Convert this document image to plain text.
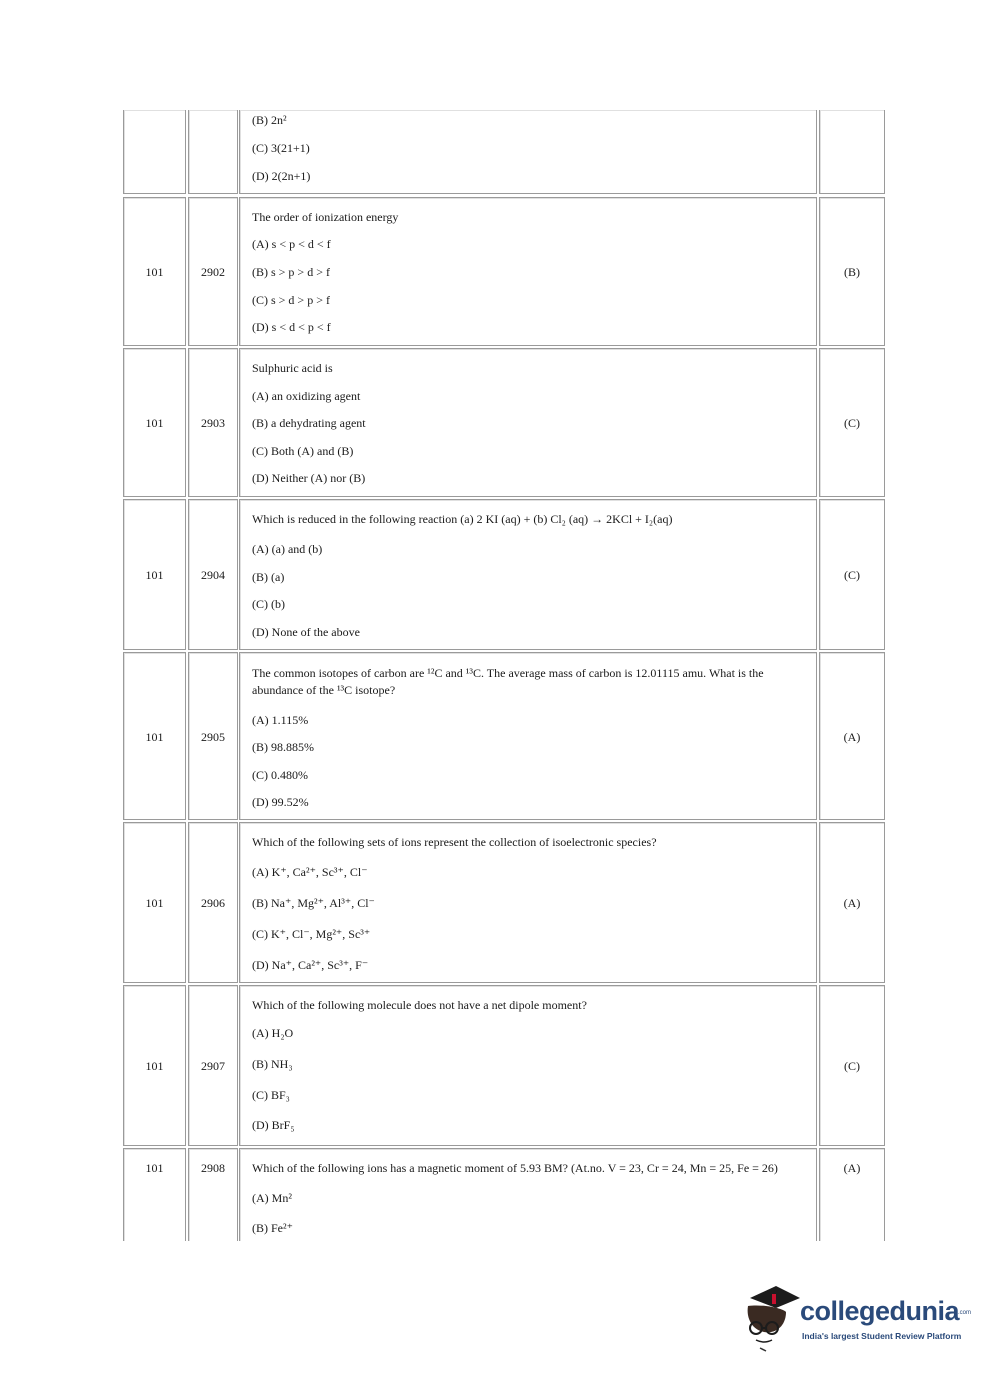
(B) 2n²
(C) 3(21+1)
(D) 2(2n+1)
101	2902
The order of ionization energy
(A) s < p < d < f
(B) s > p > d > f
(C) s > d > p > f
(D) s < d < p < f
(B)
101	2903
Sulphuric acid is
(A) an oxidizing agent
(B) a dehydrating agent
(C) Both (A) and (B)
(D) Neither (A) nor (B)
(C)
101	2904
Which is reduced in the following reaction (a) 2 KI (aq) + (b) Cl₂ (aq) → 2KCl + I₂(aq)
(A) (a) and (b)
(B) (a)
(C) (b)
(D) None of the above
(C)
101	2905
The common isotopes of carbon are ¹²C and ¹³C. The average mass of carbon is 12.01115 amu. What is the abundance of the ¹³C isotope?
(A) 1.115%
(B) 98.885%
(C) 0.480%
(D) 99.52%
(A)
101	2906
Which of the following sets of ions represent the collection of isoelectronic species?
(A) K⁺, Ca²⁺, Sc³⁺, Cl⁻
(B) Na⁺, Mg²⁺, Al³⁺, Cl⁻
(C) K⁺, Cl⁻, Mg²⁺, Sc³⁺
(D) Na⁺, Ca²⁺, Sc³⁺, F⁻
(A)
101	2907
Which of the following molecule does not have a net dipole moment?
(A) H₂O
(B) NH₃
(C) BF₃
(D) BrF₅
(C)
101	2908	Which of the following ions has a magnetic moment of 5.93 BM? (At.no. V = 23, Cr = 24, Mn = 25, Fe = 26)
(A) Mn²
(B) Fe²⁺
(A)
collegedunia
.com
India's largest Student Review Platform
